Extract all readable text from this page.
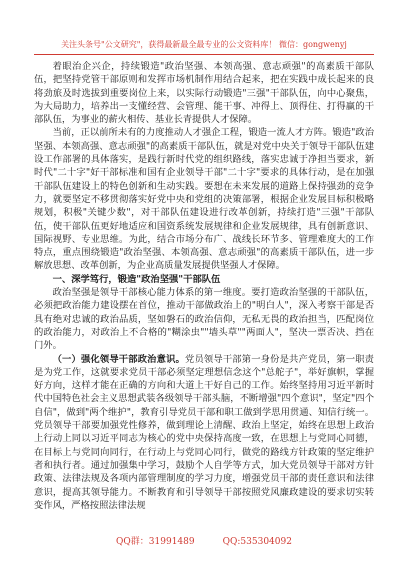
关注头条号"公文研究"，获得最新最全最专业的公文资料库！ 微信：gongwenyj

着眼治企兴企，持续锻造"政治坚强、本领高强、意志顽强"的高素质干部队伍，把坚持党管干部原则和发挥市场机制作用结合起来，把在实践中成长起来的良将劲旅及时选拔到重要岗位上来，以实际行动锻造"三强"干部队伍，向中心聚焦，为大局助力，培养出一支懂经营、会管理、能干事、冲得上、顶得住、打得赢的干部队伍，为事业的薪火相传、基业长青提供人才保障。

当前，正以前所未有的力度推动人才强企工程，锻造一流人才方阵。锻造"政治坚强、本领高强、意志顽强"的高素质干部队伍，就是对党中央关于领导干部队伍建设工作部署的具体落实，是践行新时代党的组织路线，落实忠诚于净担当要求，新时代"二十字"好干部标准和国有企业领导干部"二十字"要求的具体行动，是在加强干部队伍建设上的特色创新和生动实践。要想在未来发展的道路上保持强劲的竞争力，就要坚定不移贯彻落实好党中央和党组的决策部署，根据企业发展目标积极略规划，积极"关键少数"，对干部队伍建设进行改革创新，持续打造"三强"干部队伍，使干部队伍更好地适应和国资系统发展规律和企业发展规律，具有创新意识、国际视野、专业思维。为此，结合市场分布广、战线长环节多、管理难度大的工作特点，重点围绕锻造"政治坚强、本领高强、意志顽强"的高素质干部队伍，进一步解放思想、改革创新，为企业高质量发展提供坚强人才保障。

一、深学笃行，锻造"政治坚强"干部队伍

政治坚强是领导干部核心能力体系的第一维度。要打造政治坚强的干部队伍，必须把政治能力建设摆在首位，推动干部做政治上的"明白人"，深入考察干部是否具有绝对忠诚的政治品质，坚如磐石的政治信仰，无私无畏的政治担当，匹配岗位的政治能力，对政治上不合格的"糊涂虫""墙头草""两面人"，坚决一票否决、挡在门外。

（一）强化领导干部政治意识。党员领导干部第一身份是共产党员，第一职责是为党工作，这就要求党员干部必须坚定理想信念这个"总舵子"，举好旗帜，掌握好方向，这样才能在正确的方向和大道上干好自己的工作。始终坚持用习近平新时代中国特色社会主义思想武装各级领导干部头脑，不断增强"四个意识"，坚定"四个自信"，做到"两个维护"，教育引导党员干部和职工做到学思用贯通、知信行统一。党员领导干部要加强党性修养，做到理论上清醒、政治上坚定，始终在思想上政治上行动上同以习近平同志为核心的党中央保持高度一致，在思想上与党同心同德，在目标上与党同向同行，在行动上与党同心同行，做党的路线方针政策的坚定维护者和执行者。通过加强集中学习，鼓励个人自学等方式，加大党员领导干部对方针政策、法律法规及各项内部管理制度的学习力度，增强党员干部的责任意识和法律意识，提高其领导能力。不断教育和引导领导干部按照党风廉政建设的要求切实转变作风，严格按照法律法规

QQ群：31991489	QQ:535304092
